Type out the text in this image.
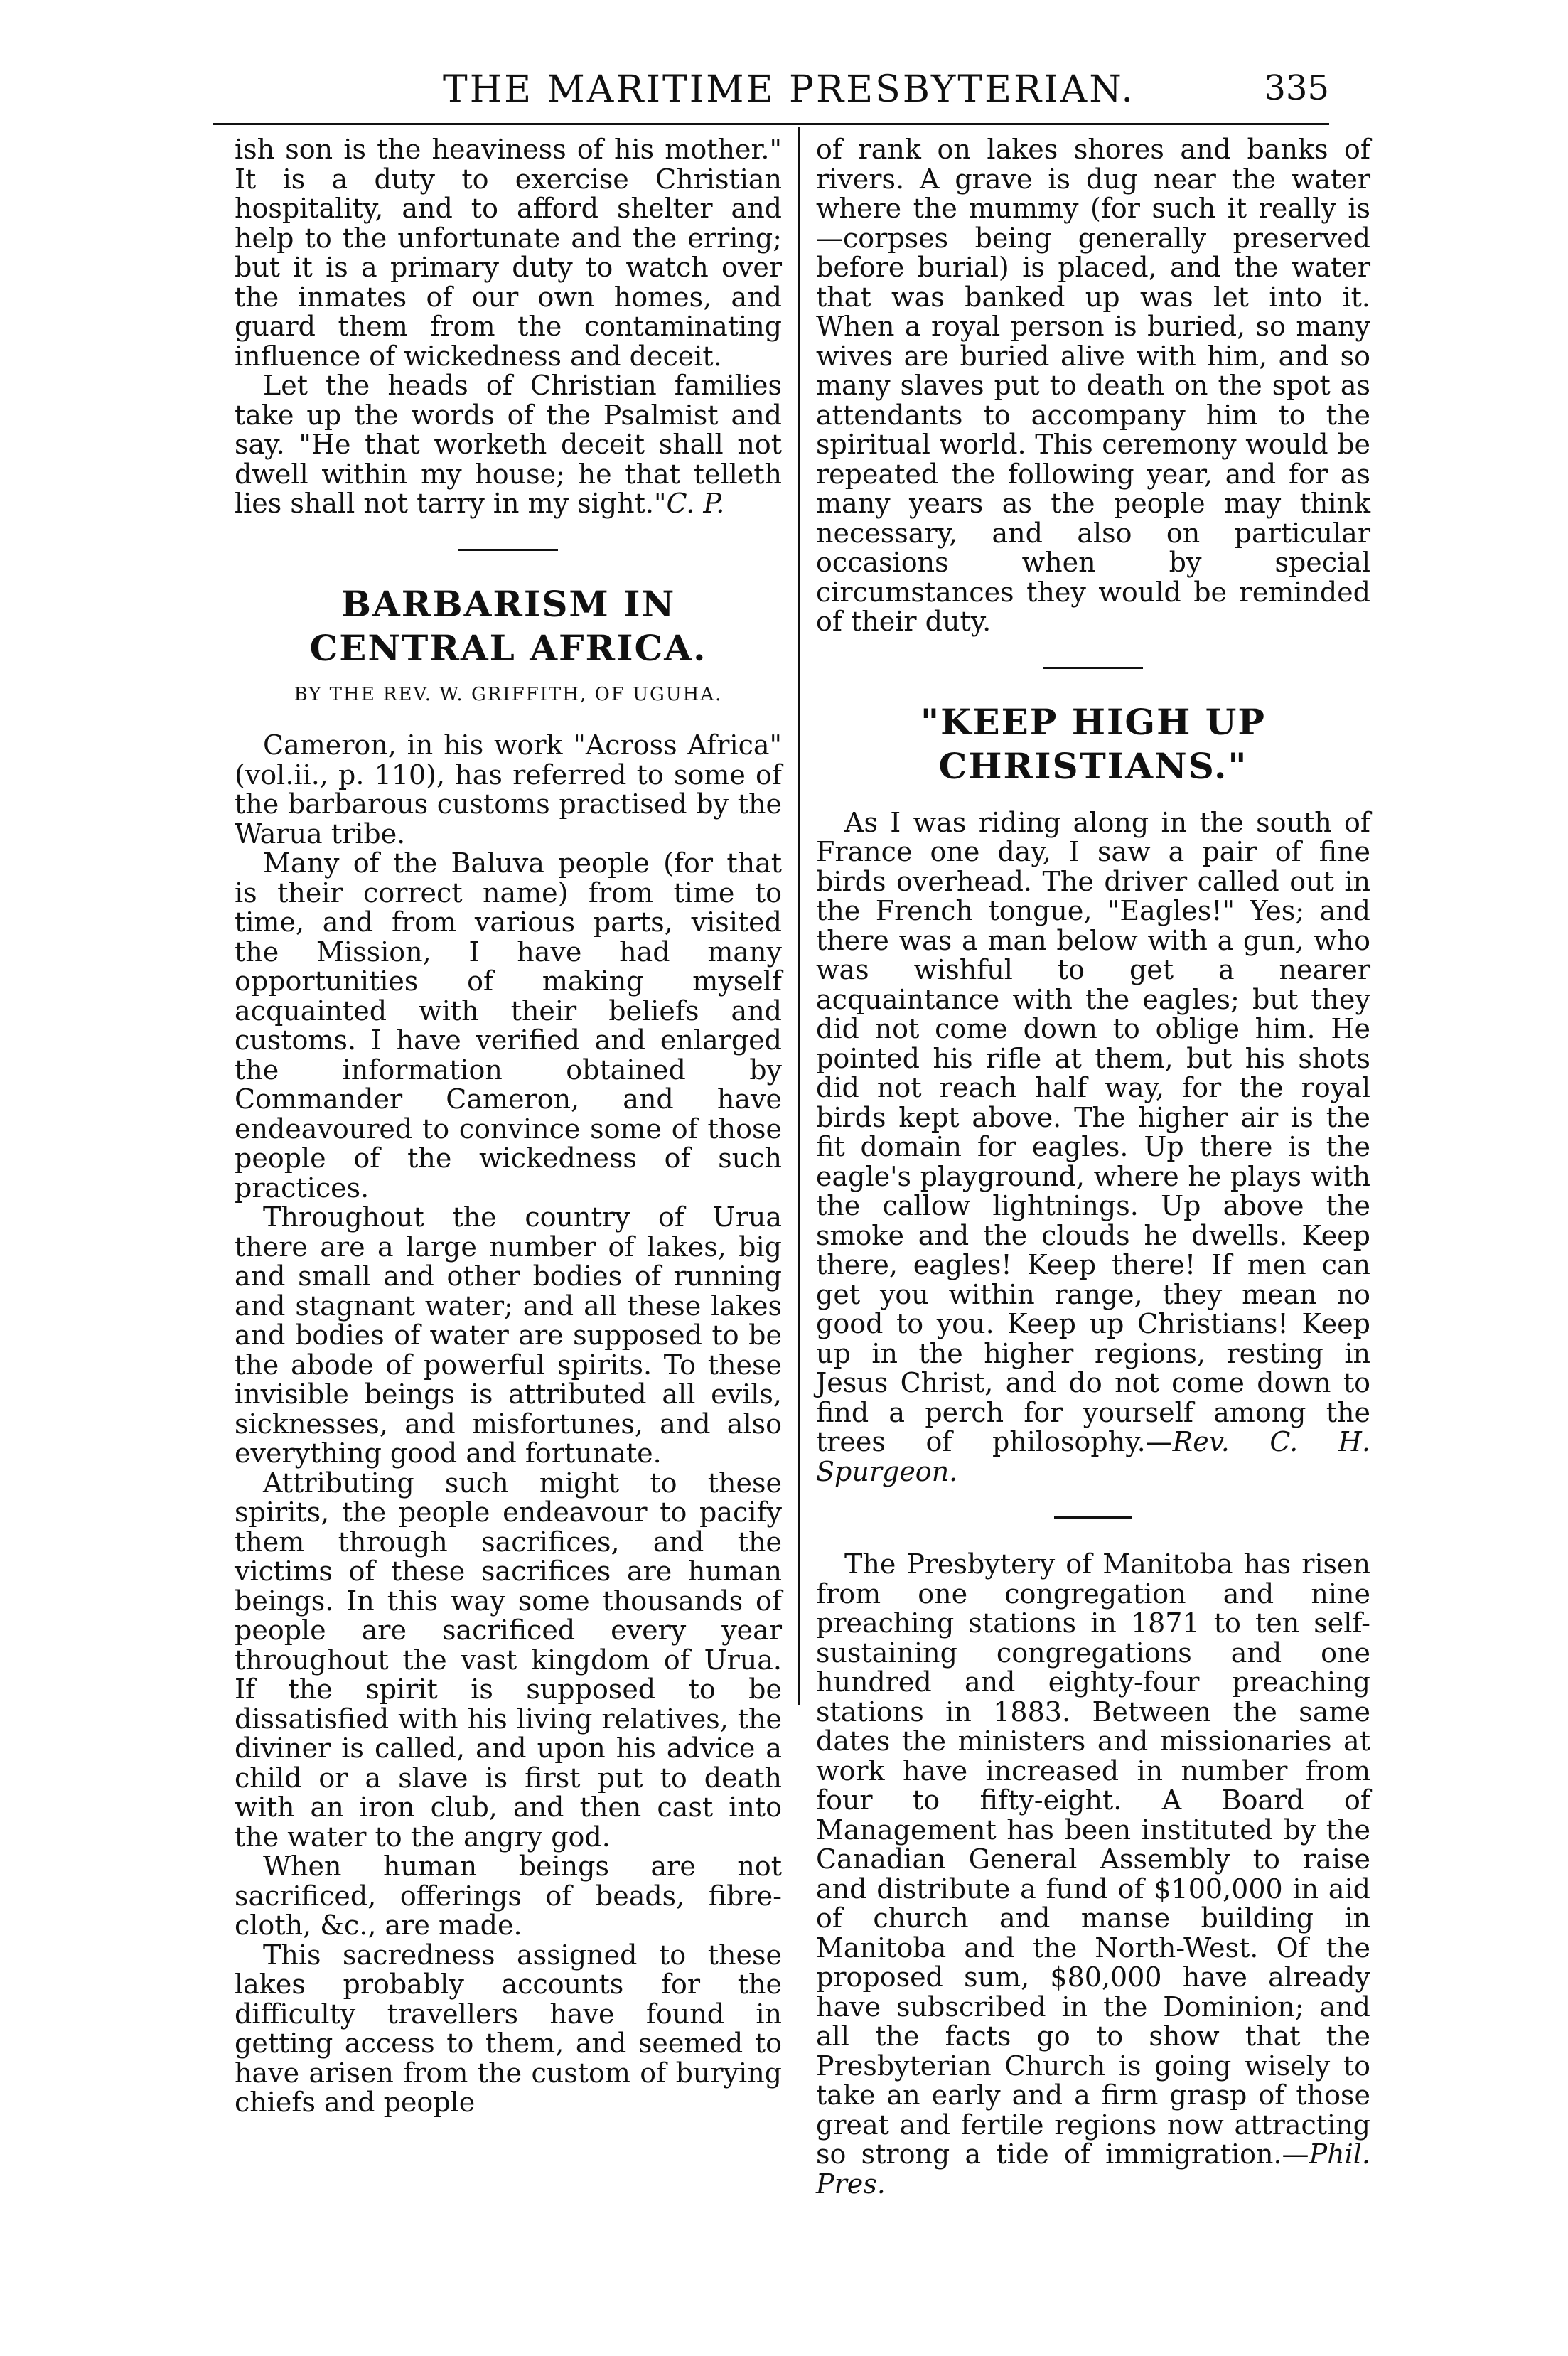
THE MARITIME PRESBYTERIAN.	335

ish son is the heaviness of his mother." It is a duty to exercise Christian hospitality, and to afford shelter and help to the unfortunate and the erring; but it is a primary duty to watch over the inmates of our own homes, and guard them from the contaminating influence of wickedness and deceit.

Let the heads of Christian families take up the words of the Psalmist and say. "He that worketh deceit shall not dwell within my house; he that telleth lies shall not tarry in my sight."C. P.

BARBARISM IN CENTRAL AFRICA.
BY THE REV. W. GRIFFITH, OF UGUHA.

Cameron, in his work "Across Africa" (vol.ii., p. 110), has referred to some of the barbarous customs practised by the Warua tribe.

Many of the Baluva people (for that is their correct name) from time to time, and from various parts, visited the Mission, I have had many opportunities of making myself acquainted with their beliefs and customs. I have verified and enlarged the information obtained by Commander Cameron, and have endeavoured to convince some of those people of the wickedness of such practices.

Throughout the country of Urua there are a large number of lakes, big and small and other bodies of running and stagnant water; and all these lakes and bodies of water are supposed to be the abode of powerful spirits. To these invisible beings is attributed all evils, sicknesses, and misfortunes, and also everything good and fortunate.

Attributing such might to these spirits, the people endeavour to pacify them through sacrifices, and the victims of these sacrifices are human beings. In this way some thousands of people are sacrificed every year throughout the vast kingdom of Urua. If the spirit is supposed to be dissatisfied with his living relatives, the diviner is called, and upon his advice a child or a slave is first put to death with an iron club, and then cast into the water to the angry god.

When human beings are not sacrificed, offerings of beads, fibre-cloth, &c., are made.

This sacredness assigned to these lakes probably accounts for the difficulty travellers have found in getting access to them, and seemed to have arisen from the custom of burying chiefs and people

of rank on lakes shores and banks of rivers. A grave is dug near the water where the mummy (for such it really is—corpses being generally preserved before burial) is placed, and the water that was banked up was let into it. When a royal person is buried, so many wives are buried alive with him, and so many slaves put to death on the spot as attendants to accompany him to the spiritual world. This ceremony would be repeated the following year, and for as many years as the people may think necessary, and also on particular occasions when by special circumstances they would be reminded of their duty.

"KEEP HIGH UP CHRISTIANS."

As I was riding along in the south of France one day, I saw a pair of fine birds overhead. The driver called out in the French tongue, "Eagles!" Yes; and there was a man below with a gun, who was wishful to get a nearer acquaintance with the eagles; but they did not come down to oblige him. He pointed his rifle at them, but his shots did not reach half way, for the royal birds kept above. The higher air is the fit domain for eagles. Up there is the eagle's playground, where he plays with the callow lightnings. Up above the smoke and the clouds he dwells. Keep there, eagles! Keep there! If men can get you within range, they mean no good to you. Keep up Christians! Keep up in the higher regions, resting in Jesus Christ, and do not come down to find a perch for yourself among the trees of philosophy.—Rev. C. H. Spurgeon.

The Presbytery of Manitoba has risen from one congregation and nine preaching stations in 1871 to ten self-sustaining congregations and one hundred and eighty-four preaching stations in 1883. Between the same dates the ministers and missionaries at work have increased in number from four to fifty-eight. A Board of Management has been instituted by the Canadian General Assembly to raise and distribute a fund of $100,000 in aid of church and manse building in Manitoba and the North-West. Of the proposed sum, $80,000 have already have subscribed in the Dominion; and all the facts go to show that the Presbyterian Church is going wisely to take an early and a firm grasp of those great and fertile regions now attracting so strong a tide of immigration.—Phil. Pres.
